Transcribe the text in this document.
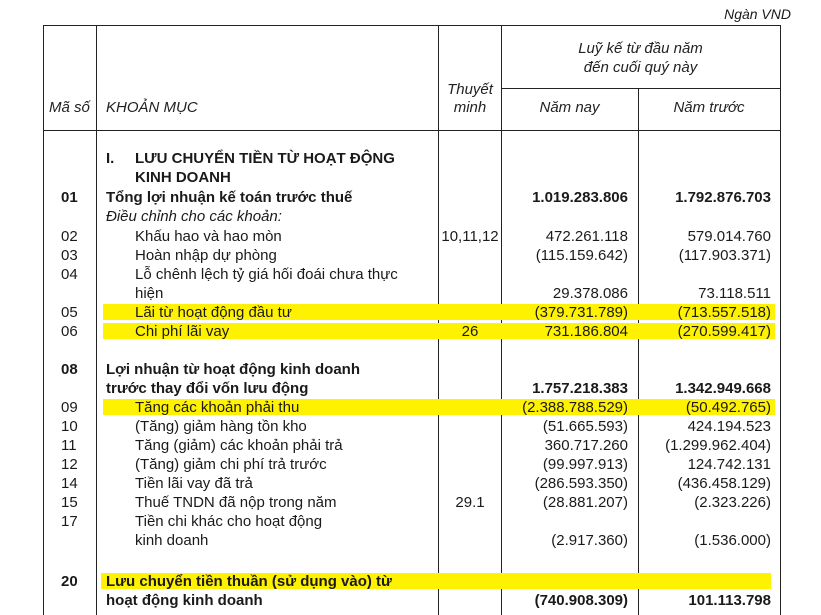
Ngàn VND
Mã số KHOẢN MỤC
Thuyết
minh
Luỹ kế từ đầu năm
đến cuối quý này
Năm nay	Năm trước
I. LƯU CHUYỂN TIỀN TỪ HOẠT ĐỘNG
KINH DOANH
01 Tổng lợi nhuận kế toán trước thuế	1.019.283.806	1.792.876.703
Điều chỉnh cho các khoản:
02	Khấu hao và hao mòn	10,11,12	472.261.118	579.014.760
03	Hoàn nhập dự phòng	(115.159.642)	(117.903.371)
04	Lỗ chênh lệch tỷ giá hối đoái chưa thực
hiện	29.378.086	73.118.511
05	Lãi từ hoạt động đầu tư	(379.731.789)	(713.557.518)
06	Chi phí lãi vay	26	731.186.804	(270.599.417)
08 Lợi nhuận từ hoạt động kinh doanh
trước thay đổi vốn lưu động	1.757.218.383	1.342.949.668
09	Tăng các khoản phải thu	(2.388.788.529)	(50.492.765)
10	(Tăng) giảm hàng tồn kho	(51.665.593)	424.194.523
11	Tăng (giảm) các khoản phải trả	360.717.260 (1.299.962.404)
12	(Tăng) giảm chi phí trả trước	(99.997.913)	124.742.131
14	Tiền lãi vay đã trả	(286.593.350)	(436.458.129)
15	Thuế TNDN đã nộp trong năm	29.1	(28.881.207)	(2.323.226)
17	Tiền chi khác cho hoạt động
kinh doanh	(2.917.360)	(1.536.000)
20 Lưu chuyển tiền thuần (sử dụng vào) từ
hoạt động kinh doanh	(740.908.309)	101.113.798
